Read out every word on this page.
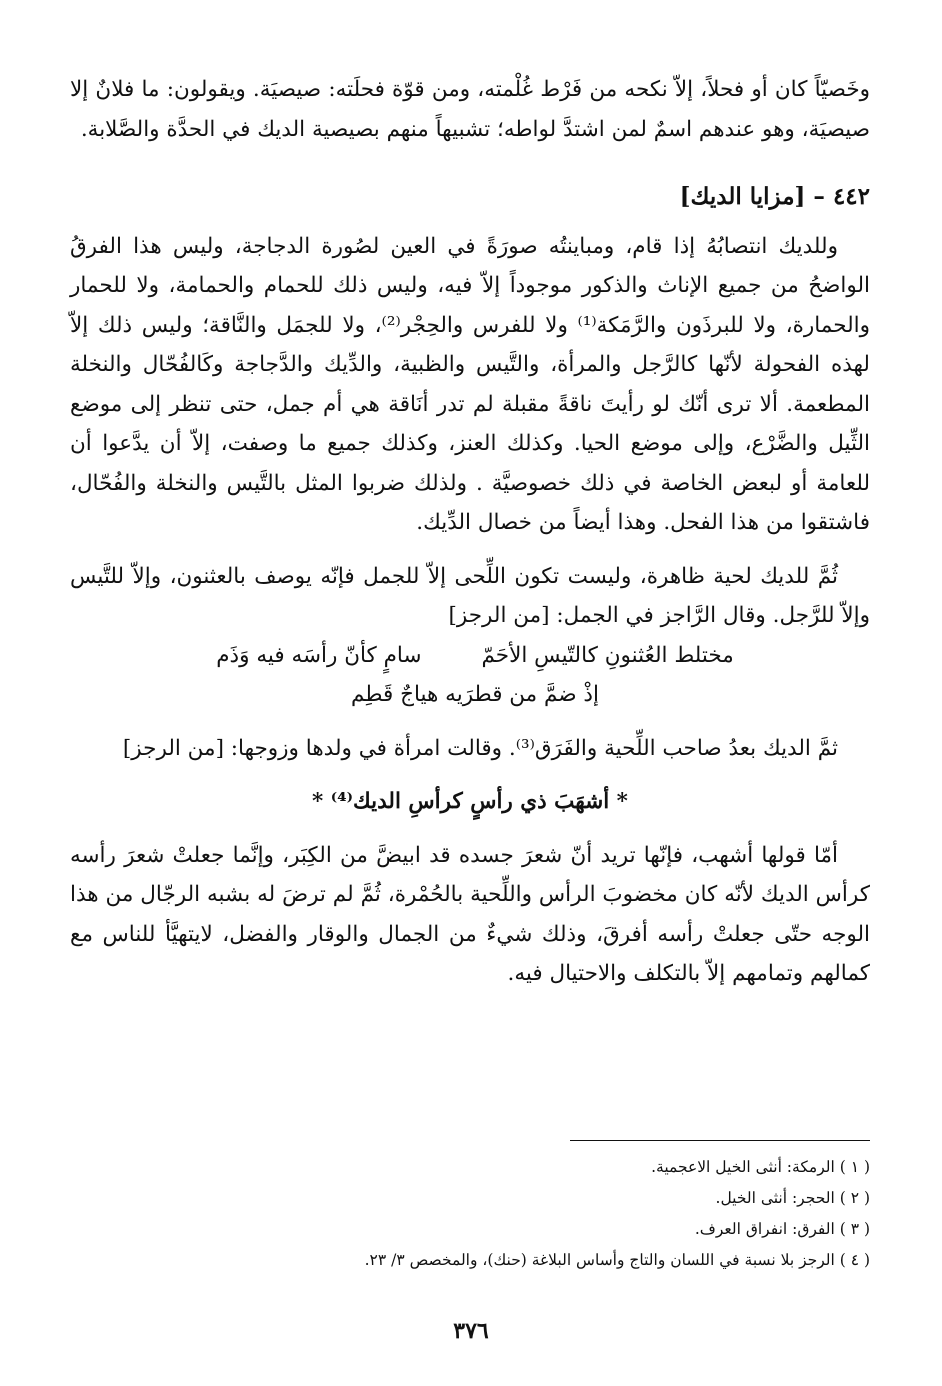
وخَصيّاً كان أو فحلاً، إلاّ نكحه من فَرْط غُلْمته، ومن قوّة فحلَته: صيصيَة. ويقولون: ما فلانٌ إلا صيصيَة، وهو عندهم اسمٌ لمن اشتدَّ لواطه؛ تشبيهاً منهم بصيصية الديك في الحدَّة والصَّلابة.

٤٤٢ – [مزايا الديك]

وللديك انتصابُهُ إذا قام، ومباينتُه صورَةً في العين لصُورة الدجاجة، وليس هذا الفرقُ الواضحُ من جميع الإناث والذكور موجوداً إلاّ فيه، وليس ذلك للحمام والحمامة، ولا للحمار والحمارة، ولا للبرذَون والرَّمَكة⁽¹⁾ ولا للفرس والحِجْر⁽²⁾، ولا للجمَل والنَّاقة؛ وليس ذلك إلاّ لهذه الفحولة لأنّها كالرَّجل والمرأة، والتَّيس والظبية، والدِّيك والدَّجاجة وكَالفُحّال والنخلة المطعمة. ألا ترى أنّك لو رأيتَ ناقةً مقبلة لم تدر أنَاقة هي أم جمل، حتى تنظر إلى موضع الثِّيل والضَّرْع، وإلى موضع الحيا. وكذلك العنز، وكذلك جميع ما وصفت، إلاّ أن يدَّعوا أن للعامة أو لبعض الخاصة في ذلك خصوصيَّة . ولذلك ضربوا المثل بالتَّيس والنخلة والفُحّال، فاشتقوا من هذا الفحل. وهذا أيضاً من خصال الدِّيك.

ثُمَّ للديك لحية ظاهرة، وليست تكون اللِّحى إلاّ للجمل فإنّه يوصف بالعثنون، وإلاّ للتَّيس وإلاّ للرَّجل. وقال الرَّاجز في الجمل: [من الرجز]

مختلط العُثنونِ كالتّيسِ الأحَمّ
سامٍ كأنّ رأسَه فيه وَذَم
إذْ ضمَّ من قطرَيه هياجٌ قَطِم

ثمَّ الديك بعدُ صاحب اللِّحية والفَرَق⁽³⁾. وقالت امرأة في ولدها وزوجها: [من الرجز]

* أشهَبَ ذي رأسٍ كرأسِ الديك⁽⁴⁾ *

أمّا قولها أشهب، فإنّها تريد أنّ شعرَ جسده قد ابيضَّ من الكِبَر، وإنَّما جعلتْ شعرَ رأسه كرأس الديك لأنّه كان مخضوبَ الرأس واللِّحية بالحُمْرة، ثُمَّ لم ترضَ له بشبه الرجّال من هذا الوجه حتّى جعلتْ رأسه أفرقَ، وذلك شيءٌ من الجمال والوقار والفضل، لايتهيَّأ للناس مع كمالهم وتمامهم إلاّ بالتكلف والاحتيال فيه.

( ١ ) الرمكة: أنثى الخيل الاعجمية.
( ٢ ) الحجر: أنثى الخيل.
( ٣ ) الفرق: انفراق العرف.
( ٤ ) الرجز بلا نسبة في اللسان والتاج وأساس البلاغة (حنك)، والمخصص ٣/ ٢٣.
٣٧٦
